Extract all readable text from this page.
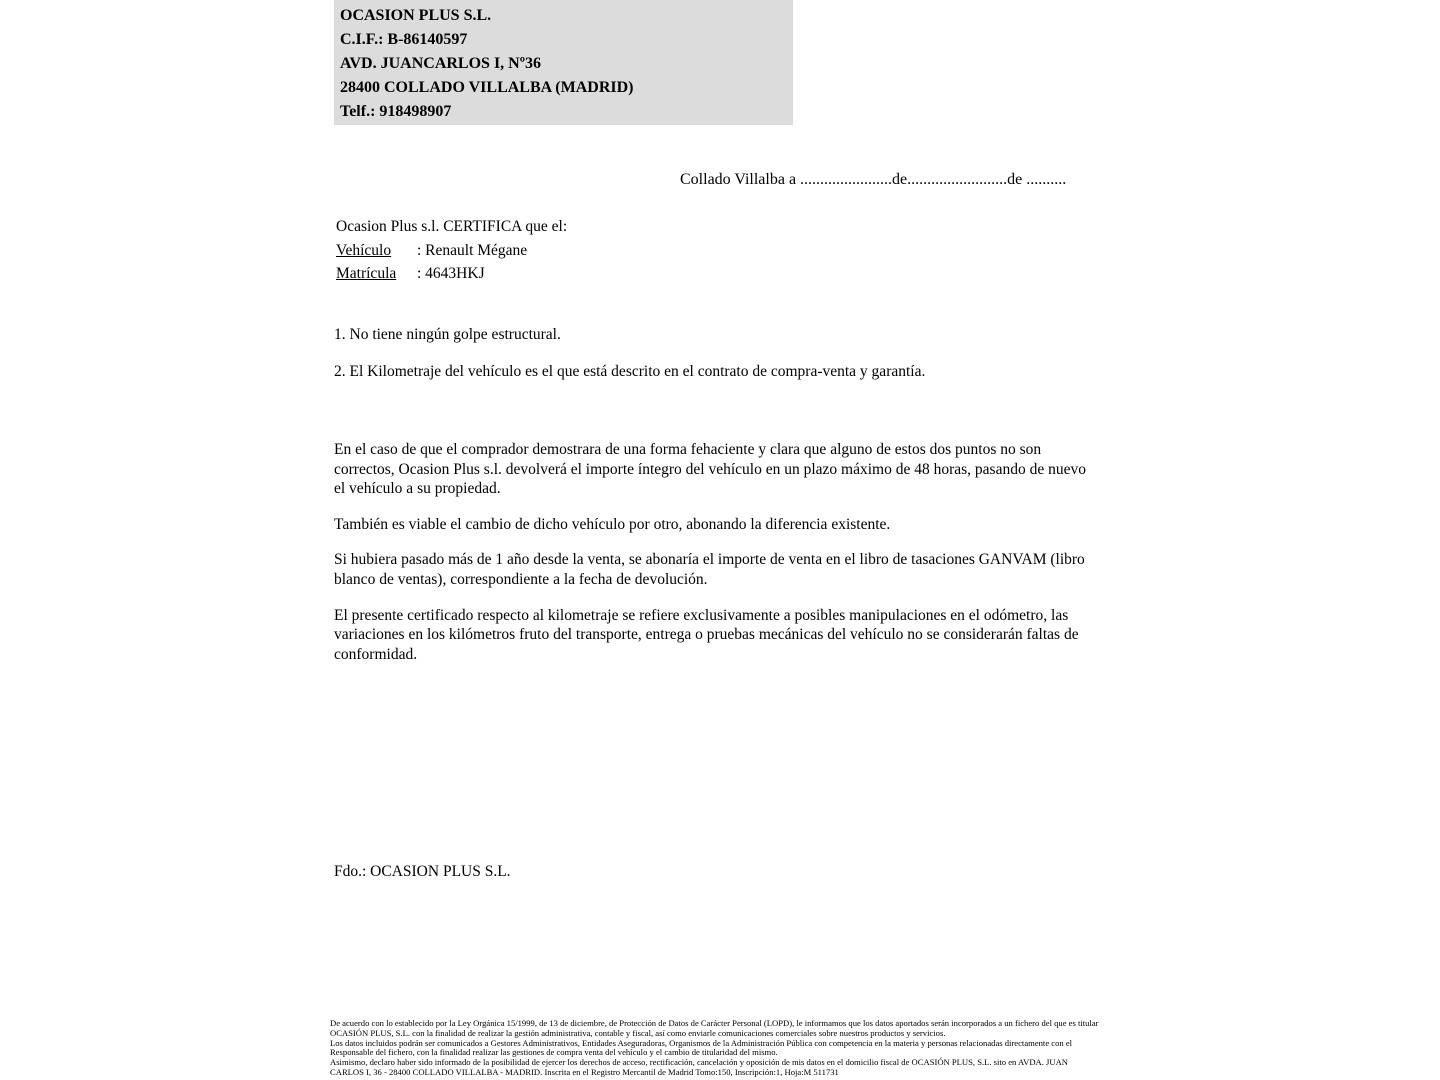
OCASION PLUS S.L.
C.I.F.: B-86140597
AVD. JUANCARLOS I, Nº36
28400 COLLADO VILLALBA (MADRID)
Telf.: 918498907
Collado Villalba a .......................de.........................de ..........
Ocasion Plus s.l. CERTIFICA que el:
Vehículo : Renault Mégane
Matrícula : 4643HKJ

1. No tiene ningún golpe estructural.

2. El Kilometraje del vehículo es el que está descrito en el contrato de compra-venta y garantía.

En el caso de que el comprador demostrara de una forma fehaciente y clara que alguno de estos dos puntos no son correctos, Ocasion Plus s.l. devolverá el importe íntegro del vehículo en un plazo máximo de 48 horas, pasando de nuevo el vehículo a su propiedad.

También es viable el cambio de dicho vehículo por otro, abonando la diferencia existente.

Si hubiera pasado más de 1 año desde la venta, se abonaría el importe de venta en el libro de tasaciones GANVAM (libro blanco de ventas), correspondiente a la fecha de devolución.

El presente certificado respecto al kilometraje se refiere exclusivamente a posibles manipulaciones en el odómetro, las variaciones en los kilómetros fruto del transporte, entrega o pruebas mecánicas del vehículo no se considerarán faltas de conformidad.

Fdo.: OCASION PLUS S.L.

De acuerdo con lo establecido por la Ley Orgánica 15/1999, de 13 de diciembre, de Protección de Datos de Carácter Personal (LOPD), le informamos que los datos aportados serán incorporados a un fichero del que es titular OCASIÓN PLUS, S.L. con la finalidad de realizar la gestión administrativa, contable y fiscal, así como enviarle comunicaciones comerciales sobre nuestros productos y servicios.

Los datos incluidos podrán ser comunicados a Gestores Administrativos, Entidades Aseguradoras, Organismos de la Administración Pública con competencia en la materia y personas relacionadas directamente con el Responsable del fichero, con la finalidad realizar las gestiones de compra venta del vehículo y el cambio de titularidad del mismo.

Asimismo, declaro haber sido informado de la posibilidad de ejercer los derechos de acceso, rectificación, cancelación y oposición de mis datos en el domicilio fiscal de OCASIÓN PLUS, S.L. sito en AVDA. JUAN CARLOS I, 36 - 28400 COLLADO VILLALBA - MADRID. Inscrita en el Registro Mercantil de Madrid Tomo:150, Inscripción:1, Hoja:M 511731
